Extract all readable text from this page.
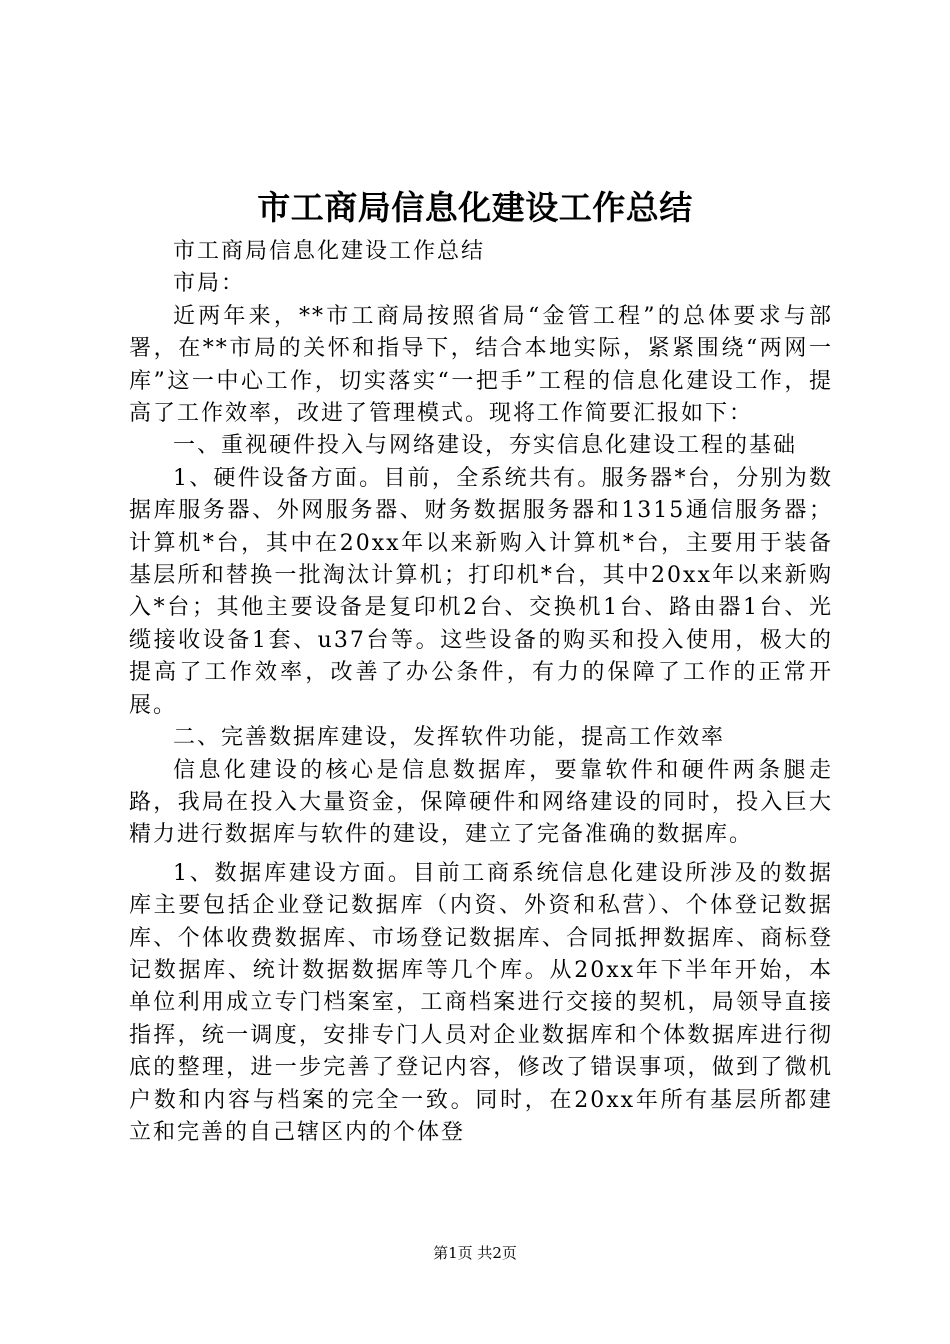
市工商局信息化建设工作总结

市工商局信息化建设工作总结

市局：

近两年来，**市工商局按照省局“金管工程”的总体要求与部署，在**市局的关怀和指导下，结合本地实际，紧紧围绕“两网一库”这一中心工作，切实落实“一把手”工程的信息化建设工作，提高了工作效率，改进了管理模式。现将工作简要汇报如下：

一、重视硬件投入与网络建设，夯实信息化建设工程的基础

1、硬件设备方面。目前，全系统共有。服务器*台，分别为数据库服务器、外网服务器、财务数据服务器和1315通信服务器；计算机*台，其中在20xx年以来新购入计算机*台，主要用于装备基层所和替换一批淘汰计算机；打印机*台，其中20xx年以来新购入*台；其他主要设备是复印机2台、交换机1台、路由器1台、光缆接收设备1套、u37台等。这些设备的购买和投入使用，极大的提高了工作效率，改善了办公条件，有力的保障了工作的正常开展。

二、完善数据库建设，发挥软件功能，提高工作效率

信息化建设的核心是信息数据库，要靠软件和硬件两条腿走路，我局在投入大量资金，保障硬件和网络建设的同时，投入巨大精力进行数据库与软件的建设，建立了完备准确的数据库。

1、数据库建设方面。目前工商系统信息化建设所涉及的数据库主要包括企业登记数据库（内资、外资和私营）、个体登记数据库、个体收费数据库、市场登记数据库、合同抵押数据库、商标登记数据库、统计数据数据库等几个库。从20xx年下半年开始，本单位利用成立专门档案室，工商档案进行交接的契机，局领导直接指挥，统一调度，安排专门人员对企业数据库和个体数据库进行彻底的整理，进一步完善了登记内容，修改了错误事项，做到了微机户数和内容与档案的完全一致。同时，在20xx年所有基层所都建立和完善的自己辖区内的个体登

第1页 共2页
